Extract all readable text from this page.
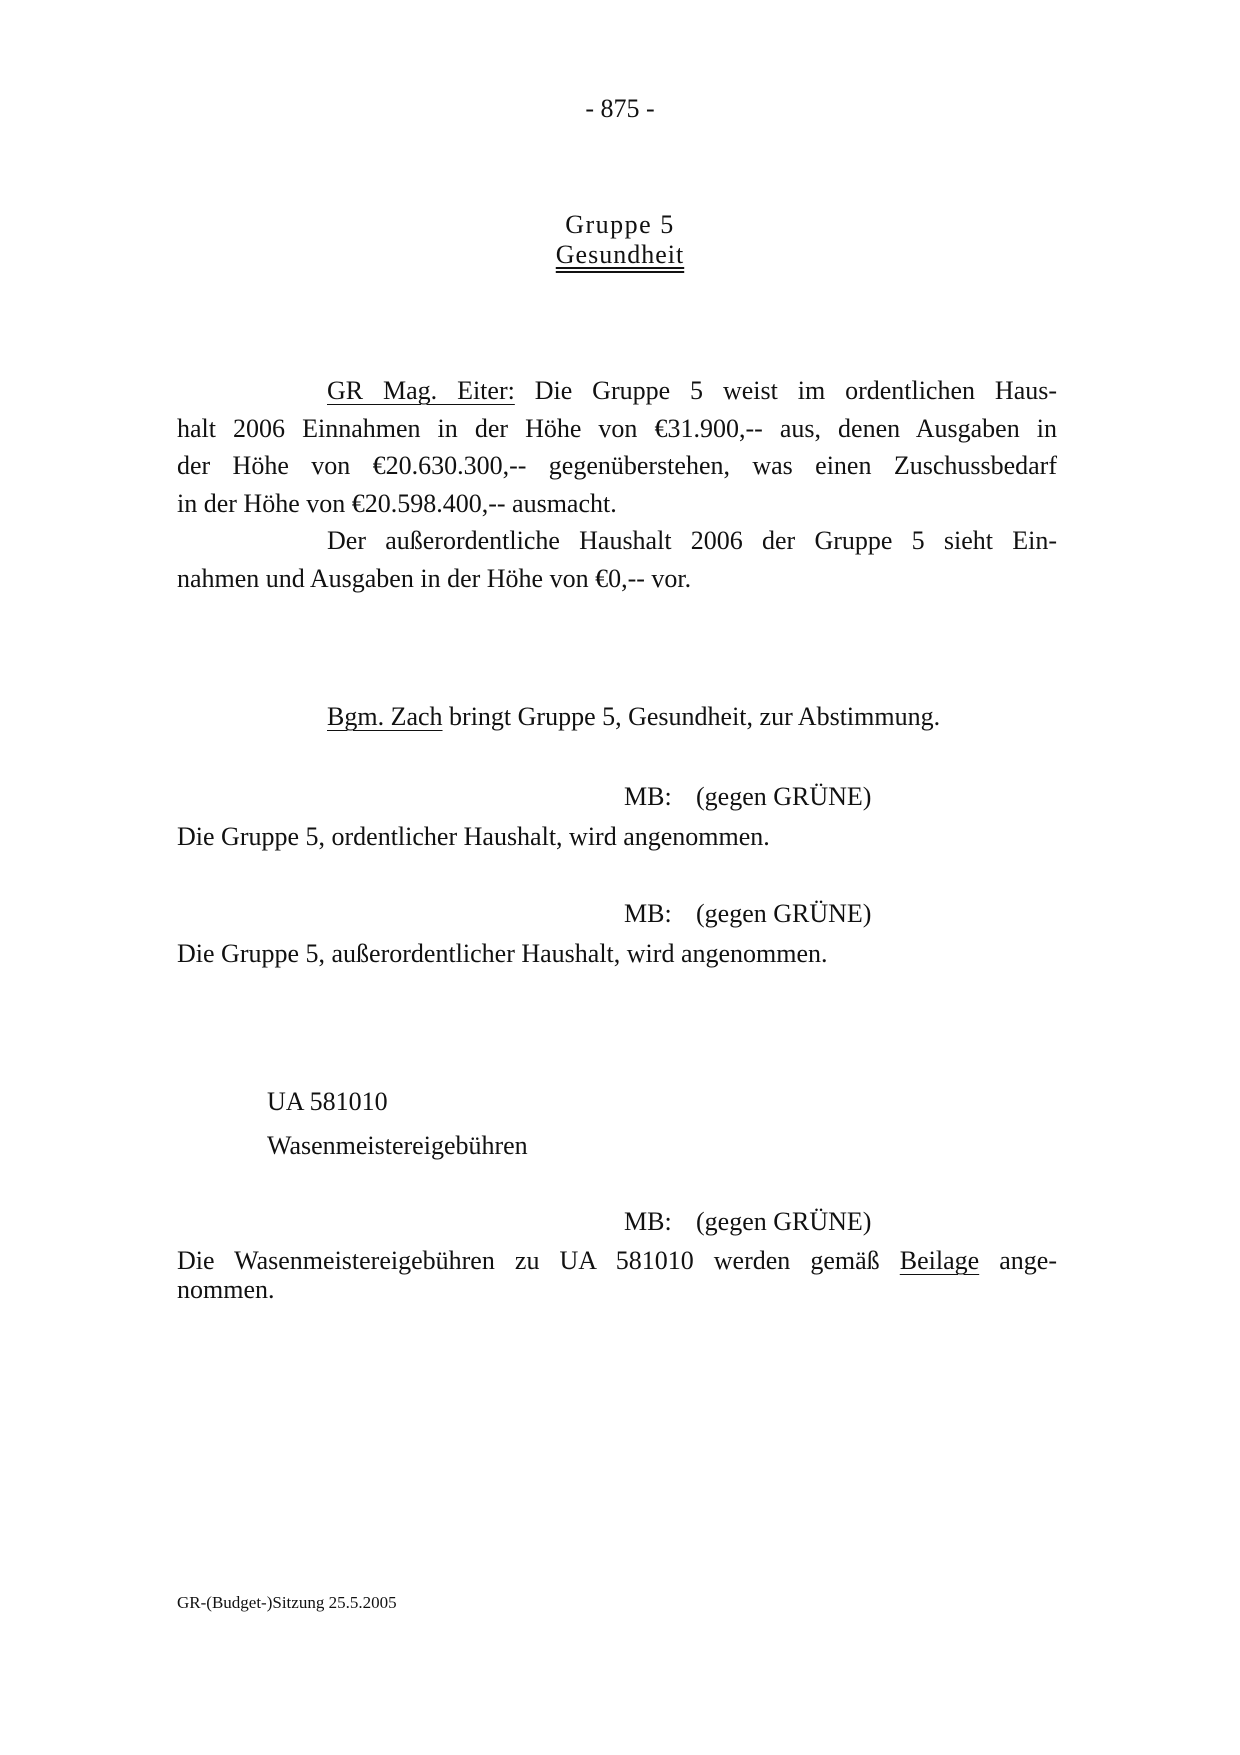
- 875 -
Gruppe 5
Gesundheit
GR Mag. Eiter: Die Gruppe 5 weist im ordentlichen Haus-
halt 2006 Einnahmen in der Höhe von €31.900,-- aus, denen Ausgaben in
der Höhe von €20.630.300,-- gegenüberstehen, was einen Zuschussbedarf
in der Höhe von €20.598.400,-- ausmacht.
Der außerordentliche Haushalt 2006 der Gruppe 5 sieht Ein-
nahmen und Ausgaben in der Höhe von €0,-- vor.
Bgm. Zach bringt Gruppe 5, Gesundheit, zur Abstimmung.
MB: (gegen GRÜNE)
Die Gruppe 5, ordentlicher Haushalt, wird angenommen.
MB: (gegen GRÜNE)
Die Gruppe 5, außerordentlicher Haushalt, wird angenommen.
UA 581010
Wasenmeistereigebühren
MB: (gegen GRÜNE)
Die Wasenmeistereigebühren zu UA 581010 werden gemäß Beilage ange-
nommen.
GR-(Budget-)Sitzung 25.5.2005
